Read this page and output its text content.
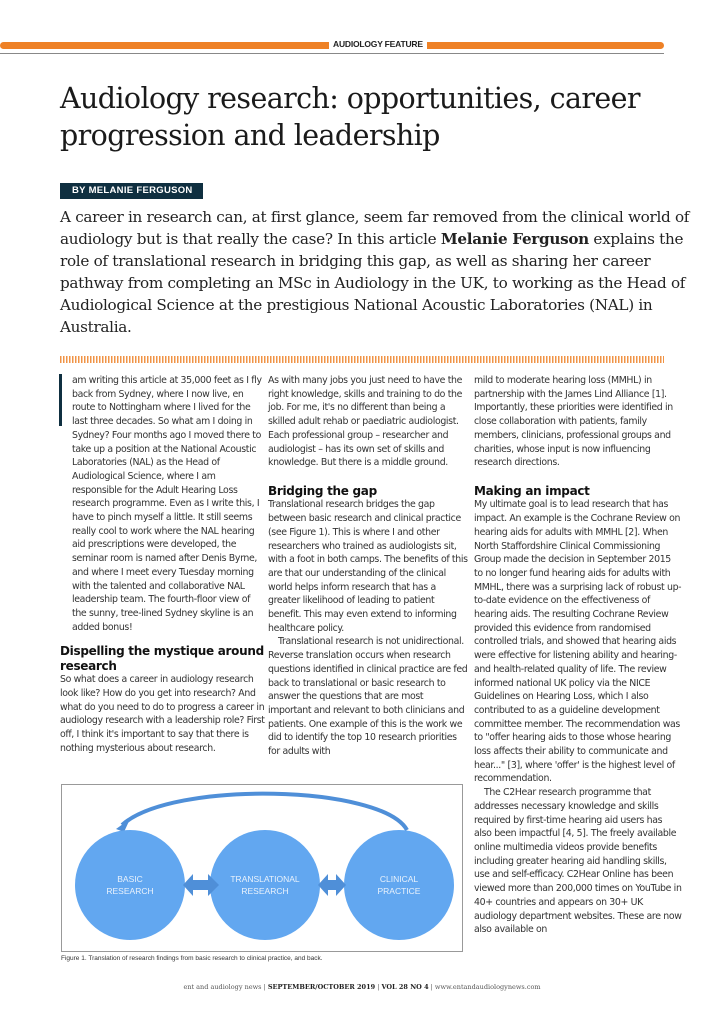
AUDIOLOGY FEATURE
Audiology research: opportunities, career progression and leadership
BY MELANIE FERGUSON

A career in research can, at first glance, seem far removed from the clinical world of audiology but is that really the case? In this article Melanie Ferguson explains the role of translational research in bridging this gap, as well as sharing her career pathway from completing an MSc in Audiology in the UK, to working as the Head of Audiological Science at the prestigious National Acoustic Laboratories (NAL) in Australia.

am writing this article at 35,000 feet as I fly back from Sydney, where I now live, en route to Nottingham where I lived for the last three decades. So what am I doing in Sydney? Four months ago I moved there to take up a position at the National Acoustic Laboratories (NAL) as the Head of Audiological Science, where I am responsible for the Adult Hearing Loss research programme. Even as I write this, I have to pinch myself a little. It still seems really cool to work where the NAL hearing aid prescriptions were developed, the seminar room is named after Denis Byrne, and where I meet every Tuesday morning with the talented and collaborative NAL leadership team. The fourth-floor view of the sunny, tree-lined Sydney skyline is an added bonus!

Dispelling the mystique around research

So what does a career in audiology research look like? How do you get into research? And what do you need to do to progress a career in audiology research with a leadership role? First off, I think it's important to say that there is nothing mysterious about research.

As with many jobs you just need to have the right knowledge, skills and training to do the job. For me, it's no different than being a skilled adult rehab or paediatric audiologist. Each professional group – researcher and audiologist – has its own set of skills and knowledge. But there is a middle ground.

Bridging the gap

Translational research bridges the gap between basic research and clinical practice (see Figure 1). This is where I and other researchers who trained as audiologists sit, with a foot in both camps. The benefits of this are that our understanding of the clinical world helps inform research that has a greater likelihood of leading to patient benefit. This may even extend to informing healthcare policy.

Translational research is not unidirectional. Reverse translation occurs when research questions identified in clinical practice are fed back to translational or basic research to answer the questions that are most important and relevant to both clinicians and patients. One example of this is the work we did to identify the top 10 research priorities for adults with

mild to moderate hearing loss (MMHL) in partnership with the James Lind Alliance [1]. Importantly, these priorities were identified in close collaboration with patients, family members, clinicians, professional groups and charities, whose input is now influencing research directions.

Making an impact

My ultimate goal is to lead research that has impact. An example is the Cochrane Review on hearing aids for adults with MMHL [2]. When North Staffordshire Clinical Commissioning Group made the decision in September 2015 to no longer fund hearing aids for adults with MMHL, there was a surprising lack of robust up-to-date evidence on the effectiveness of hearing aids. The resulting Cochrane Review provided this evidence from randomised controlled trials, and showed that hearing aids were effective for listening ability and hearing- and health-related quality of life. The review informed national UK policy via the NICE Guidelines on Hearing Loss, which I also contributed to as a guideline development committee member. The recommendation was to "offer hearing aids to those whose hearing loss affects their ability to communicate and hear..." [3], where 'offer' is the highest level of recommendation.

The C2Hear research programme that addresses necessary knowledge and skills required by first-time hearing aid users has also been impactful [4, 5]. The freely available online multimedia videos provide benefits including greater hearing aid handling skills, use and self-efficacy. C2Hear Online has been viewed more than 200,000 times on YouTube in 40+ countries and appears on 30+ UK audiology department websites. These are now also available on

BASIC
RESEARCH
TRANSLATIONAL
RESEARCH
CLINICAL
PRACTICE
Figure 1. Translation of research findings from basic research to clinical practice, and back.
ent and audiology news | SEPTEMBER/OCTOBER 2019 | VOL 28 NO 4 | www.entandaudiologynews.com
